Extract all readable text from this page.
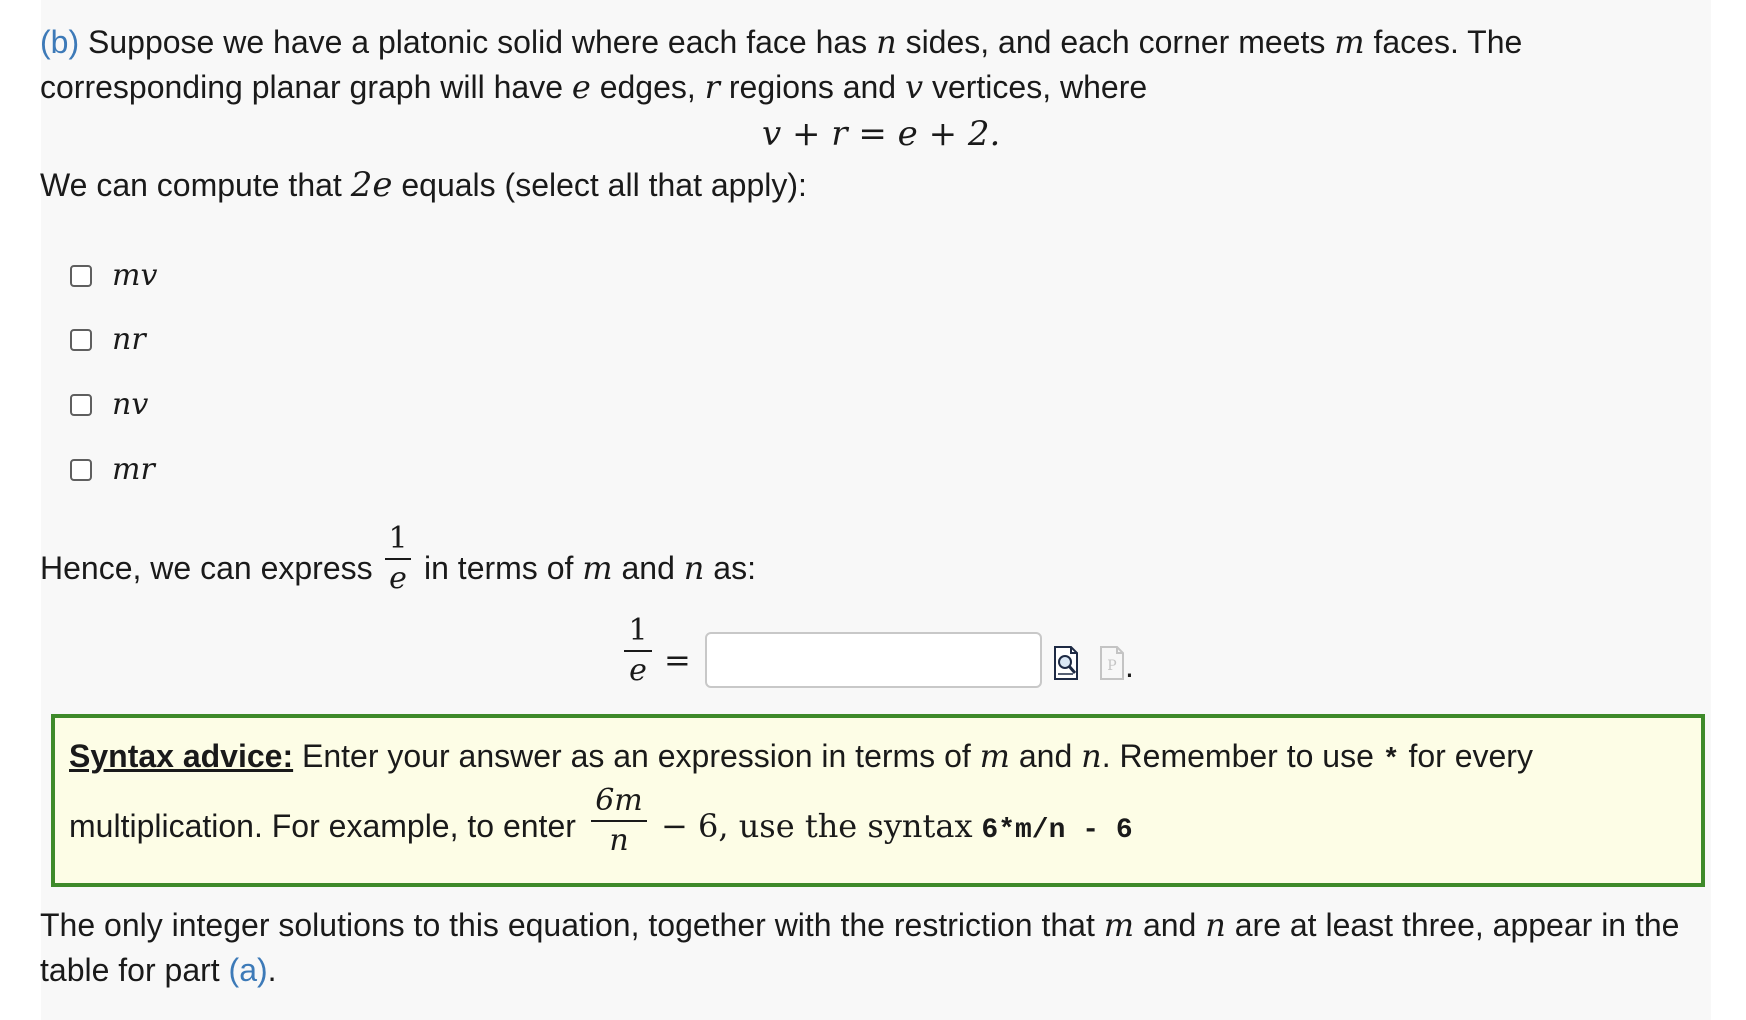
(b) Suppose we have a platonic solid where each face has n sides, and each corner meets m faces. The
corresponding planar graph will have e edges, r regions and v vertices, where
v + r = e + 2.
We can compute that 2e equals (select all that apply):
mv
nr
nv
mr
Hence, we can express
1
e in terms of m and n as:
1
e =	P .
Syntax advice: Enter your answer as an expression in terms of m and n. Remember to use * for every
multiplication. For example, to enter
6m
n	− 6, use the syntax 6*m/n - 6
The only integer solutions to this equation, together with the restriction that m and n are at least three, appear in the
table for part (a).
